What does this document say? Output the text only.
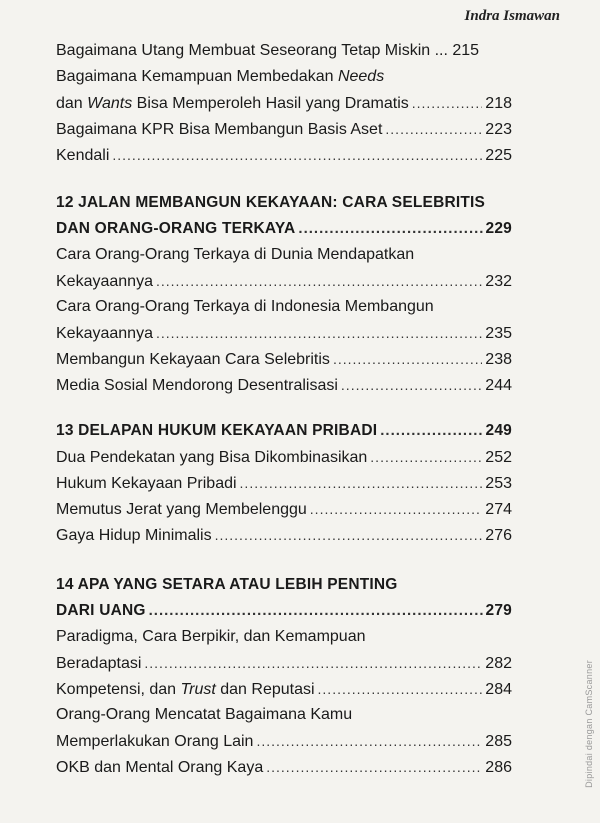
Indra Ismawan
Bagaimana Utang Membuat Seseorang Tetap Miskin ... 215
Bagaimana Kemampuan Membedakan Needs
dan Wants Bisa Memperoleh Hasil yang Dramatis .....	218
Bagaimana KPR Bisa Membangun Basis Aset .....	223
Kendali .....	225
12 JALAN MEMBANGUN KEKAYAAN: CARA SELEBRITIS
DAN ORANG-ORANG TERKAYA .....	229
Cara Orang-Orang Terkaya di Dunia Mendapatkan
Kekayaannya .....	232
Cara Orang-Orang Terkaya di Indonesia Membangun
Kekayaannya .....	235
Membangun Kekayaan Cara Selebritis .....	238
Media Sosial Mendorong Desentralisasi .....	244
13 DELAPAN HUKUM KEKAYAAN PRIBADI .....	249
Dua Pendekatan yang Bisa Dikombinasikan .....	252
Hukum Kekayaan Pribadi .....	253
Memutus Jerat yang Membelenggu .....	274
Gaya Hidup Minimalis .....	276
14 APA YANG SETARA ATAU LEBIH PENTING
DARI UANG .....	279
Paradigma, Cara Berpikir, dan Kemampuan
Beradaptasi .....	282
Kompetensi, dan Trust dan Reputasi .....	284
Orang-Orang Mencatat Bagaimana Kamu
Memperlakukan Orang Lain .....	285
OKB dan Mental Orang Kaya .....	286	Dipindai dengan CamScanner
